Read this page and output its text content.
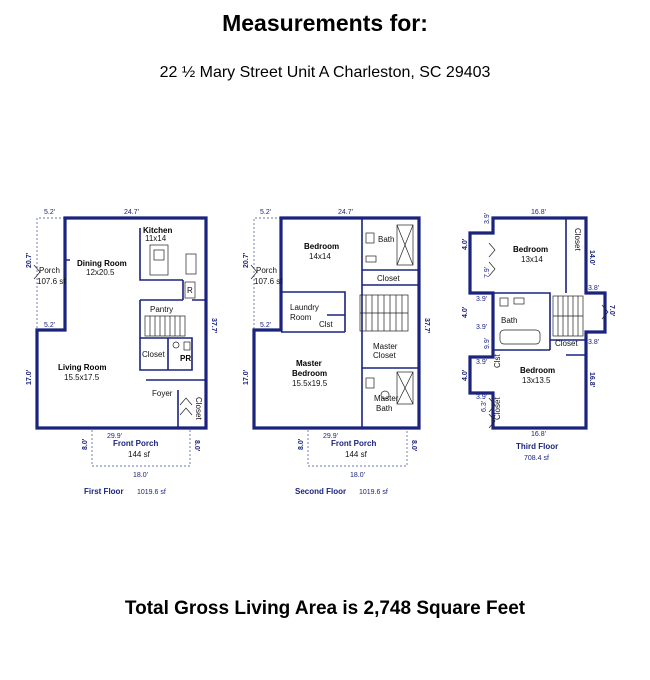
Measurements for:
22 ½ Mary Street Unit A Charleston, SC 29403
R
Kitchen
11x14
Dining Room
12x20.5
Pantry
Living Room
15.5x17.5
Closet PR
Foyer
Closet
Porch
107.6 sf
Front Porch
144 sf
5.2'	24.7'
20.7'
5.2'	37.7'
17.0'
29.9'
8.0'	8.0'
18.0'
First Floor 1019.6 sf
Bedroom
14x14
Bath
Closet
Laundry
Room
Clst
Master
Closet
Master
Bedroom
15.5x19.5
Master
Bath
Porch
107.6 sf
Front Porch
144 sf
5.2'	24.7'
20.7'
5.2'	37.7'
17.0'
29.9'
8.0'	8.0'
18.0'
Second Floor 1019.6 sf
Bedroom
13x14
Closet
Bath
Clst
Closet
Bedroom
13x13.5
Closet
16.8'
3.9'
4.0'
7.9'
4.0'
3.9'
3.9'
9.9'
3.9'
4.0'
3.9'
6.3'
16.8'
14.0'
3.8'
7.0'
3.8'
16.8'
Third Floor
708.4 sf
Total Gross Living Area is 2,748 Square Feet
